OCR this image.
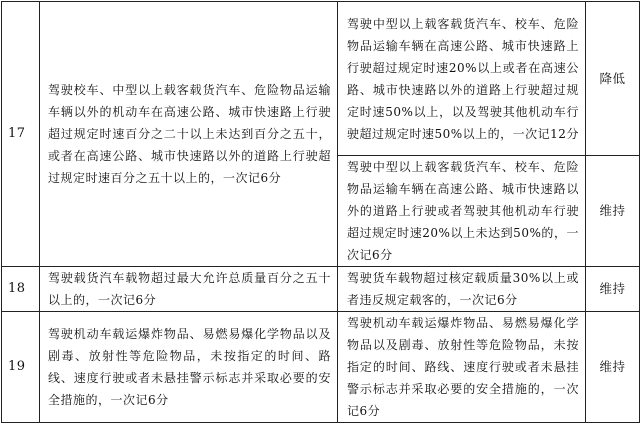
17	驾驶校车、中型以上载客载货汽车、危险物品运输车辆以外的机动车在高速公路、城市快速路上行驶超过规定时速百分之二十以上未达到百分之五十，或者在高速公路、城市快速路以外的道路上行驶超过规定时速百分之五十以上的，一次记6分	驾驶中型以上载客载货汽车、校车、危险物品运输车辆在高速公路、城市快速路上行驶超过规定时速20%以上或者在高速公路、城市快速路以外的道路上行驶超过规定时速50%以上，以及驾驶其他机动车行驶超过规定时速50%以上的，一次记12分	降低
		驾驶中型以上载客载货汽车、校车、危险物品运输车辆在高速公路、城市快速路以外的道路上行驶或者驾驶其他机动车行驶超过规定时速20%以上未达到50%的，一次记6分	维持
18	驾驶载货汽车载物超过最大允许总质量百分之五十以上的，一次记6分	驾驶货车载物超过核定载质量30%以上或者违反规定载客的，一次记6分	维持
19	驾驶机动车载运爆炸物品、易燃易爆化学物品以及剧毒、放射性等危险物品，未按指定的时间、路线、速度行驶或者未悬挂警示标志并采取必要的安全措施的，一次记6分	驾驶机动车载运爆炸物品、易燃易爆化学物品以及剧毒、放射性等危险物品，未按指定的时间、路线、速度行驶或者未悬挂警示标志并采取必要的安全措施的，一次记6分	维持
